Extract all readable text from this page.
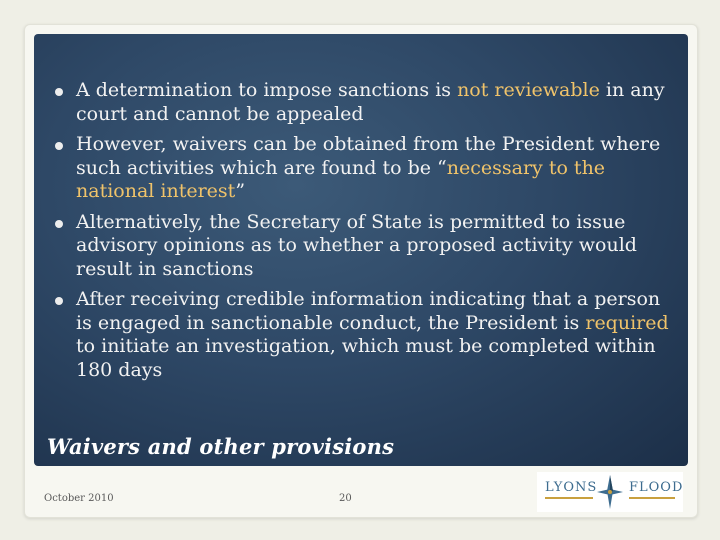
A determination to impose sanctions is not reviewable in any court and cannot be appealed
However, waivers can be obtained from the President where such activities which are found to be “necessary to the national interest”
Alternatively, the Secretary of State is permitted to issue advisory opinions as to whether a proposed activity would result in sanctions
After receiving credible information indicating that a person is engaged in sanctionable conduct, the President is required to initiate an investigation, which must be completed within 180 days
Waivers and other provisions
October 2010	20
LYONS FLOOD
